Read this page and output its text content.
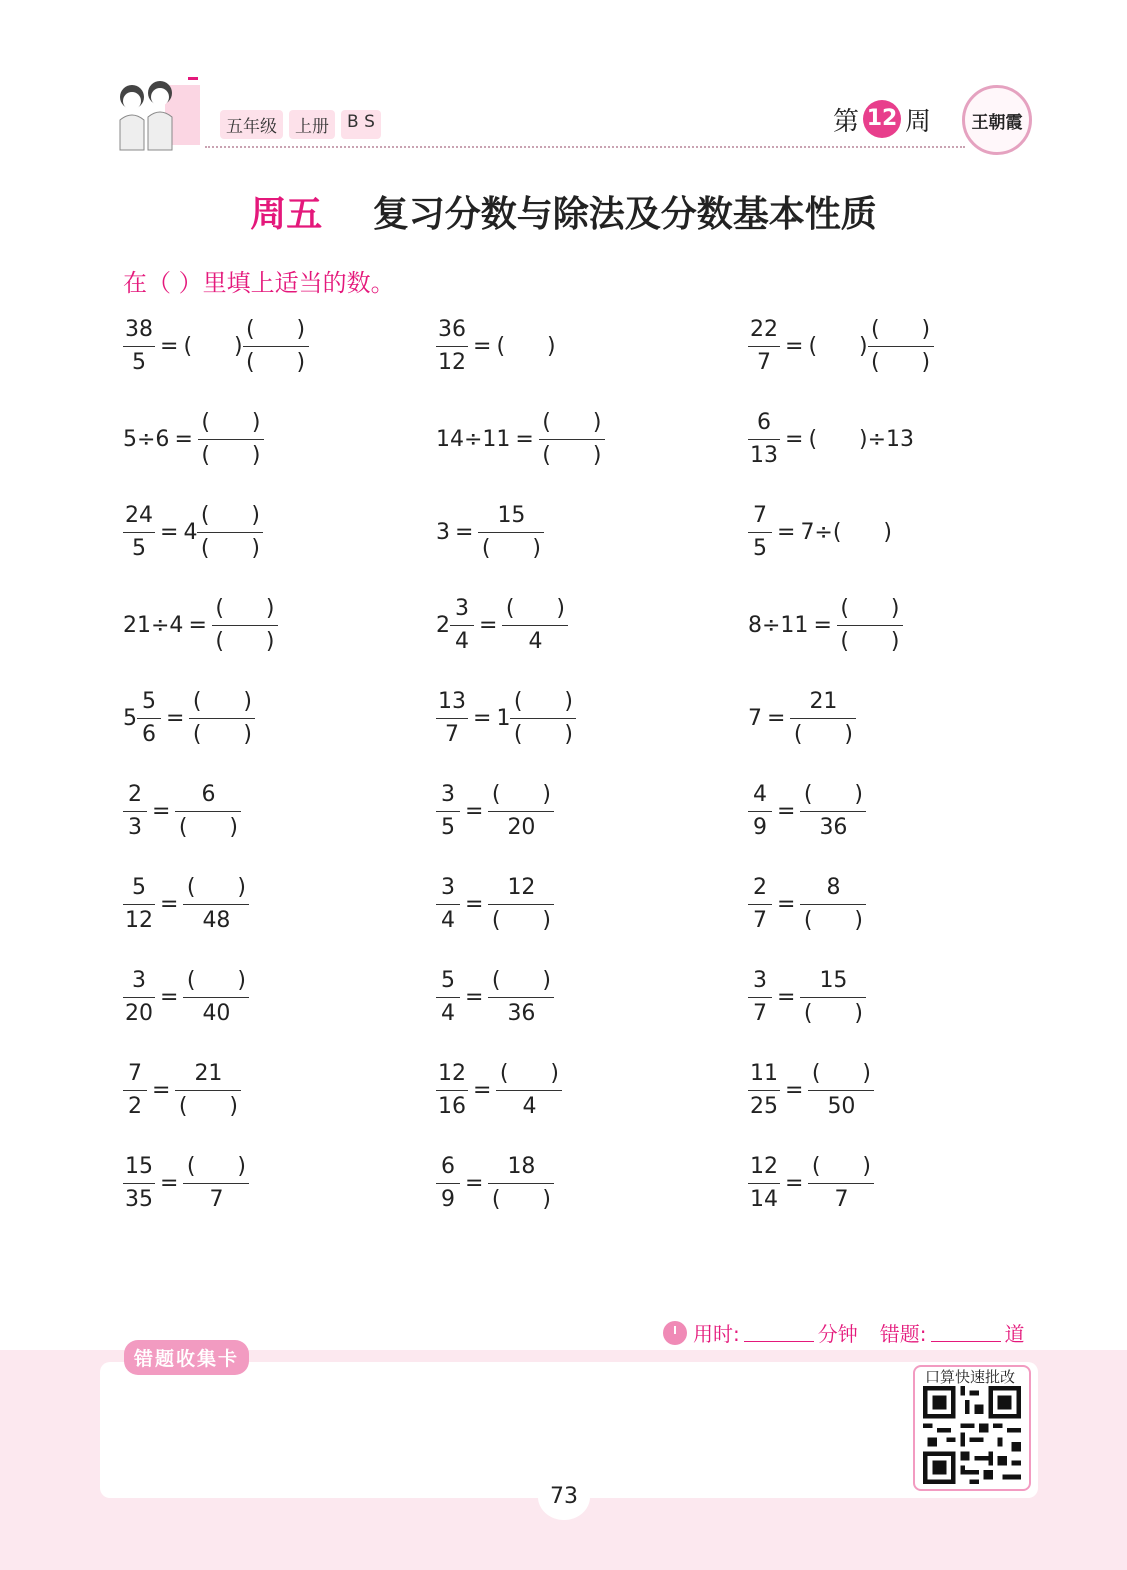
五年级	上册	B S	第 12 周 王朝霞
周五 复习分数与除法及分数基本性质
在（ ）里填上适当的数。
$\frac{38}{5}$ = (      ) $\frac{( )}{( )}$	$\frac{36}{12}$ = (      )	$\frac{22}{7}$ = (      ) $\frac{( )}{( )}$
$5\div 6 = \frac{( )}{( )}$	$14\div 11 = \frac{( )}{( )}$	$\frac{6}{13}$ = (      ) ÷13
$\frac{24}{5} = 4 \frac{( )}{( )}$	$3 = \frac{15}{( )}$	$\frac{7}{5} = 7\div$ (      )
$21\div 4 = \frac{( )}{( )}$	$2 \frac{3}{4} = \frac{( )}{4}$	$8\div 11 = \frac{( )}{( )}$
$5 \frac{5}{6} = \frac{( )}{( )}$	$\frac{13}{7} = 1 \frac{( )}{( )}$	$7 = \frac{21}{( )}$
$\frac{2}{3} = \frac{6}{( )}$	$\frac{3}{5} = \frac{( )}{20}$	$\frac{4}{9} = \frac{( )}{36}$
$\frac{5}{12} = \frac{( )}{48}$	$\frac{3}{4} = \frac{12}{( )}$	$\frac{2}{7} = \frac{8}{( )}$
$\frac{3}{20} = \frac{( )}{40}$	$\frac{5}{4} = \frac{( )}{36}$	$\frac{3}{7} = \frac{15}{( )}$
$\frac{7}{2} = \frac{21}{( )}$	$\frac{12}{16} = \frac{( )}{4}$	$\frac{11}{25} = \frac{( )}{50}$
$\frac{15}{35} = \frac{( )}{7}$	$\frac{6}{9} = \frac{18}{( )}$	$\frac{12}{14} = \frac{( )}{7}$
用时:	分钟 错题:	道
错题收集卡
口算快速批改
73
